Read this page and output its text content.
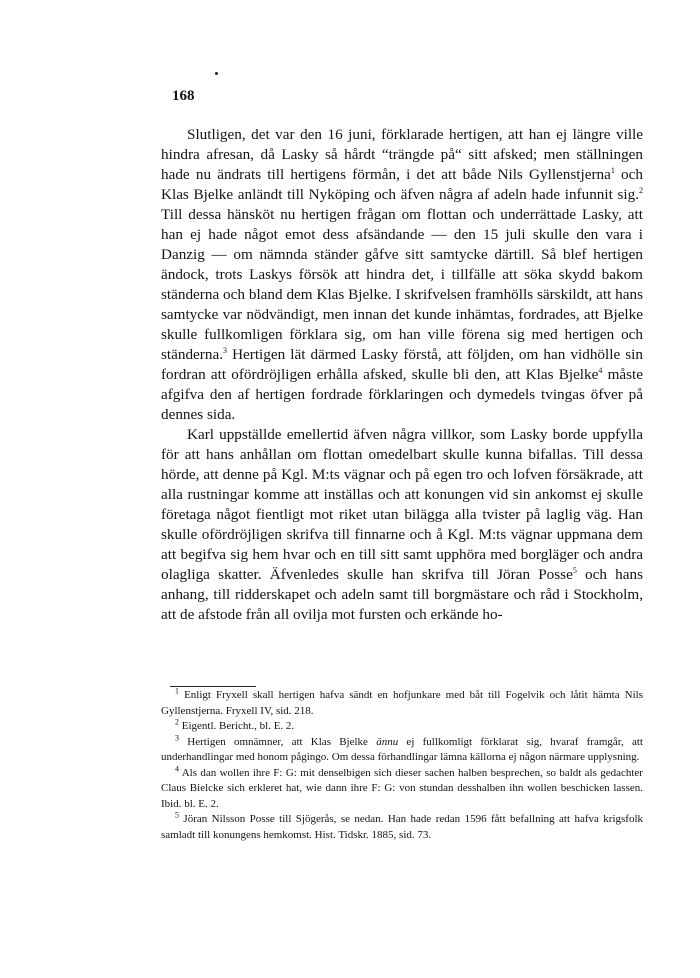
168

Slutligen, det var den 16 juni, förklarade hertigen, att han ej längre ville hindra afresan, då Lasky så hårdt “trängde på“ sitt afsked; men ställningen hade nu ändrats till hertigens förmån, i det att både Nils Gyllenstjerna$^1$ och Klas Bjelke anländt till Nyköping och äfven några af adeln hade infunnit sig.$^2$ Till dessa hänsköt nu hertigen frågan om flottan och underrättade Lasky, att han ej hade något emot dess afsändande — den 15 juli skulle den vara i Danzig — om nämnda ständer gåfve sitt samtycke därtill. Så blef hertigen ändock, trots Laskys försök att hindra det, i tillfälle att söka skydd bakom ständerna och bland dem Klas Bjelke. I skrifvelsen framhölls särskildt, att hans samtycke var nödvändigt, men innan det kunde inhämtas, fordrades, att Bjelke skulle fullkomligen förklara sig, om han ville förena sig med hertigen och ständerna.$^3$ Hertigen lät därmed Lasky förstå, att följden, om han vidhölle sin fordran att ofördröjligen erhålla afsked, skulle bli den, att Klas Bjelke$^4$ måste afgifva den af hertigen fordrade förklaringen och dymedels tvingas öfver på dennes sida.

Karl uppställde emellertid äfven några villkor, som Lasky borde uppfylla för att hans anhållan om flottan omedelbart skulle kunna bifallas. Till dessa hörde, att denne på Kgl. M:ts vägnar och på egen tro och lofven försäkrade, att alla rustningar komme att inställas och att konungen vid sin ankomst ej skulle företaga något fientligt mot riket utan bilägga alla tvister på laglig väg. Han skulle ofördröjligen skrifva till finnarne och å Kgl. M:ts vägnar uppmana dem att begifva sig hem hvar och en till sitt samt upphöra med borgläger och andra olagliga skatter. Äfvenledes skulle han skrifva till Jöran Posse$^5$ och hans anhang, till ridderskapet och adeln samt till borgmästare och råd i Stockholm, att de afstode från all ovilja mot fursten och erkände ho-

$^1$ Enligt Fryxell skall hertigen hafva sändt en hofjunkare med båt till Fogelvik och låtit hämta Nils Gyllenstjerna. Fryxell IV, sid. 218.

$^2$ Eigentl. Bericht., bl. E. 2.

$^3$ Hertigen omnämner, att Klas Bjelke ännu ej fullkomligt förklarat sig, hvaraf framgår, att underhandlingar med honom pågingo. Om dessa förhandlingar lämna källorna ej någon närmare upplysning.

$^4$ Als dan wollen ihre F: G: mit denselbigen sich dieser sachen halben besprechen, so baldt als gedachter Claus Bielcke sich erkleret hat, wie dann ihre F: G: von stundan desshalben ihn wollen beschicken lassen. Ibid. bl. E. 2.

$^5$ Jöran Nilsson Posse till Sjögerås, se nedan. Han hade redan 1596 fått befallning att hafva krigsfolk samladt till konungens hemkomst. Hist. Tidskr. 1885, sid. 73.
